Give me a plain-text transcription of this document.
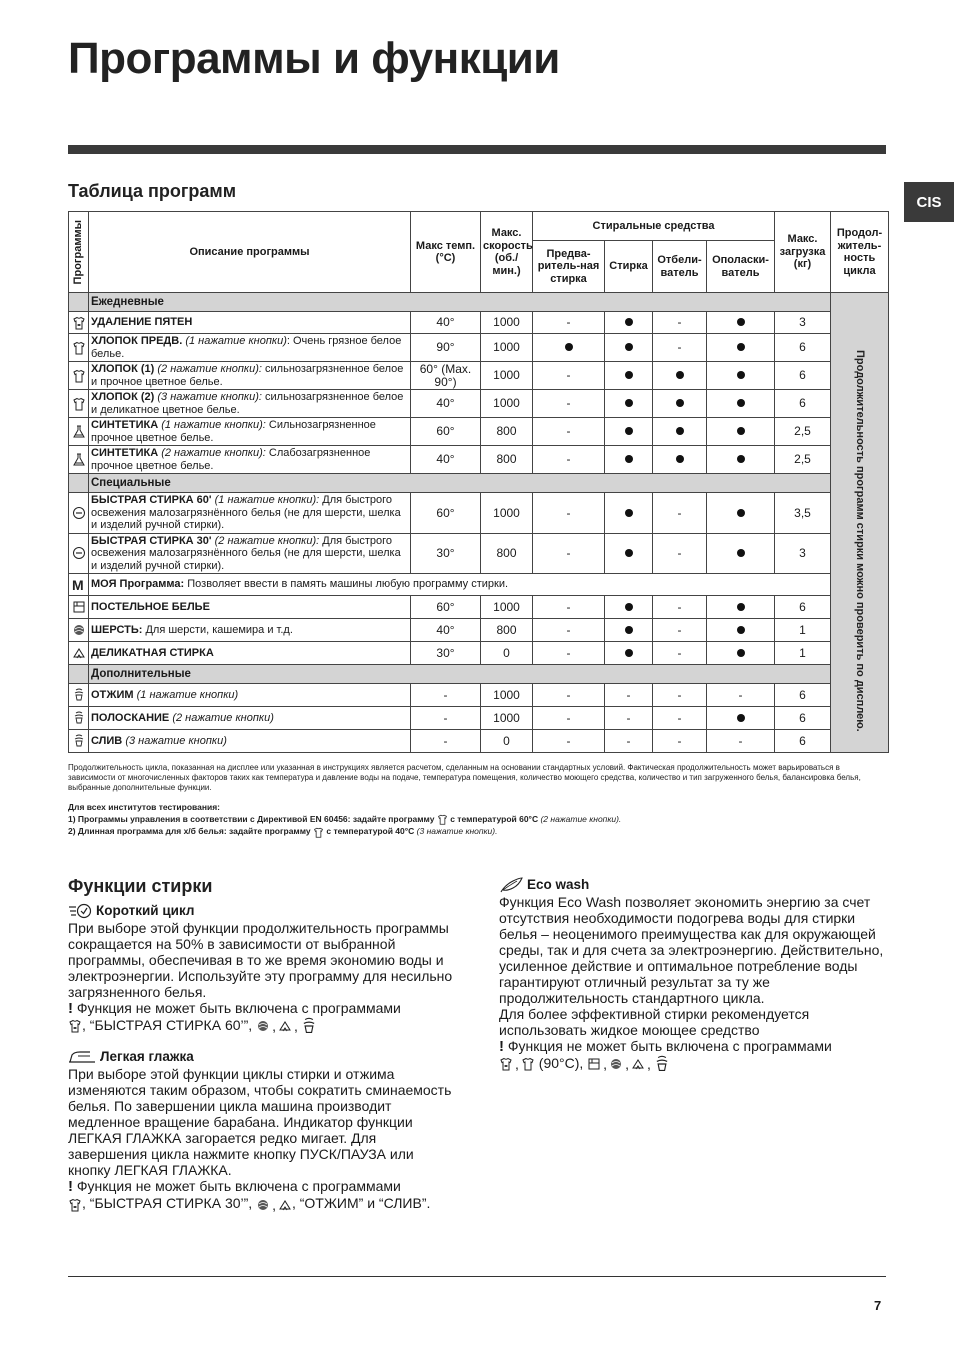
Программы и функции
CIS
Таблица программ
Программы	Описание программы	Макс темп. (°C)	Макс. скорость (об./ мин.)	Стиральные средства				Макс. загрузка (кг)	Продол-житель-ность цикла
				Предва-ритель-ная стирка	Стирка	Отбели-ватель	Ополаски-ватель		
	Ежедневные								Продолжительность программ стирки можно проверить по дисплею.

	УДАЛЕНИЕ ПЯТЕН	40°	1000	-		-		3	
	ХЛОПОК ПРЕДВ. (1 нажатие кнопки): Очень грязное белое белье.	90°	1000			-		6	
	ХЛОПОК (1) (2 нажатие кнопки): сильнозагрязненное белое и прочное цветное белье.	60° (Max. 90°)	1000	-				6	
	ХЛОПОК (2) (3 нажатие кнопки): сильнозагрязненное белое и деликатное цветное белье.	40°	1000	-				6	
	СИНТЕТИКА (1 нажатие кнопки): Сильнозагрязненное прочное цветное белье.	60°	800	-				2,5	
	СИНТЕТИКА (2 нажатие кнопки): Слабозагрязненное прочное цветное белье.	40°	800	-				2,5	
	Специальные								
	БЫСТРАЯ СТИРКА 60' (1 нажатие кнопки): Для быстрого освежения малозагрязнённого белья (не для шерсти, шелка и изделий ручной стирки).	60°	1000	-		-		3,5	
	БЫСТРАЯ СТИРКА 30' (2 нажатие кнопки): Для быстрого освежения малозагрязнённого белья (не для шерсти, шелка и изделий ручной стирки).	30°	800	-		-		3	

M	МОЯ Программа: Позволяет ввести в память машины любую программу стирки.								
	ПОСТЕЛЬНОЕ БЕЛЬЕ	60°	1000	-		-		6	
	ШЕРСТЬ: Для шерсти, кашемира и т.д.	40°	800	-		-		1	
	ДЕЛИКАТНАЯ СТИРКА	30°	0	-		-		1	
	Дополнительные								
	ОТЖИМ (1 нажатие кнопки)	-	1000	-	-	-	-	6	
	ПОЛОСКАНИЕ (2 нажатие кнопки)	-	1000	-	-	-		6	
	СЛИВ (3 нажатие кнопки)	-	0	-	-	-	-	6	
Продолжительность цикла, показанная на дисплее или указанная в инструкциях является расчетом, сделанным на основании стандартных условий. Фактическая продолжительность может варьироваться в зависимости от многочисленных факторов таких как температура и давление воды на подаче, температура помещения, количество моющего средства, количество и тип загруженного белья, балансировка белья, выбранные дополнительные функции.
Для всех институтов тестирования:
1) Программы управления в соответствии с Директивой EN 60456: задайте программу с температурой 60°C (2 нажатие кнопки).
2) Длинная программа для х/б белья: задайте программу с температурой 40°C (3 нажатие кнопки).
Функции стирки
Короткий цикл
При выборе этой функции продолжительность программы сокращается на 50% в зависимости от выбранной программы, обеспечивая в то же время экономию воды и электроэнергии. Используйте эту программу для несильно загрязненного белья.
! Функция не может быть включена с программами

, “БЫСТРАЯ СТИРКА 60’”, ,
,
Легкая глажка
При выборе этой функции циклы стирки и отжима изменяются таким образом, чтобы сократить сминаемость белья. По завершении цикла машина производит медленное вращение барабана. Индикатор функции ЛЕГКАЯ ГЛАЖКА загорается редко мигает. Для завершения цикла нажмите кнопку ПУСК/ПАУЗА или кнопку ЛЕГКАЯ ГЛАЖКА.
! Функция не может быть включена с программами

, “БЫСТРАЯ СТИРКА 30’”, ,
, “ОТЖИМ” и “СЛИВ”.
Eco wash
Функция Eco Wash позволяет экономить энергию за счет отсутствия необходимости подогрева воды для стирки белья – неоценимого преимущества как для окружающей среды, так и для счета за электроэнергию. Действительно, усиленное действие и оптимальное потребление воды гарантируют отличный результат за ту же продолжительность стандартного цикла.
Для более эффективной стирки рекомендуется использовать жидкое моющее средство
! Функция не может быть включена с программами

,
(90°C), ,
,
,
7
